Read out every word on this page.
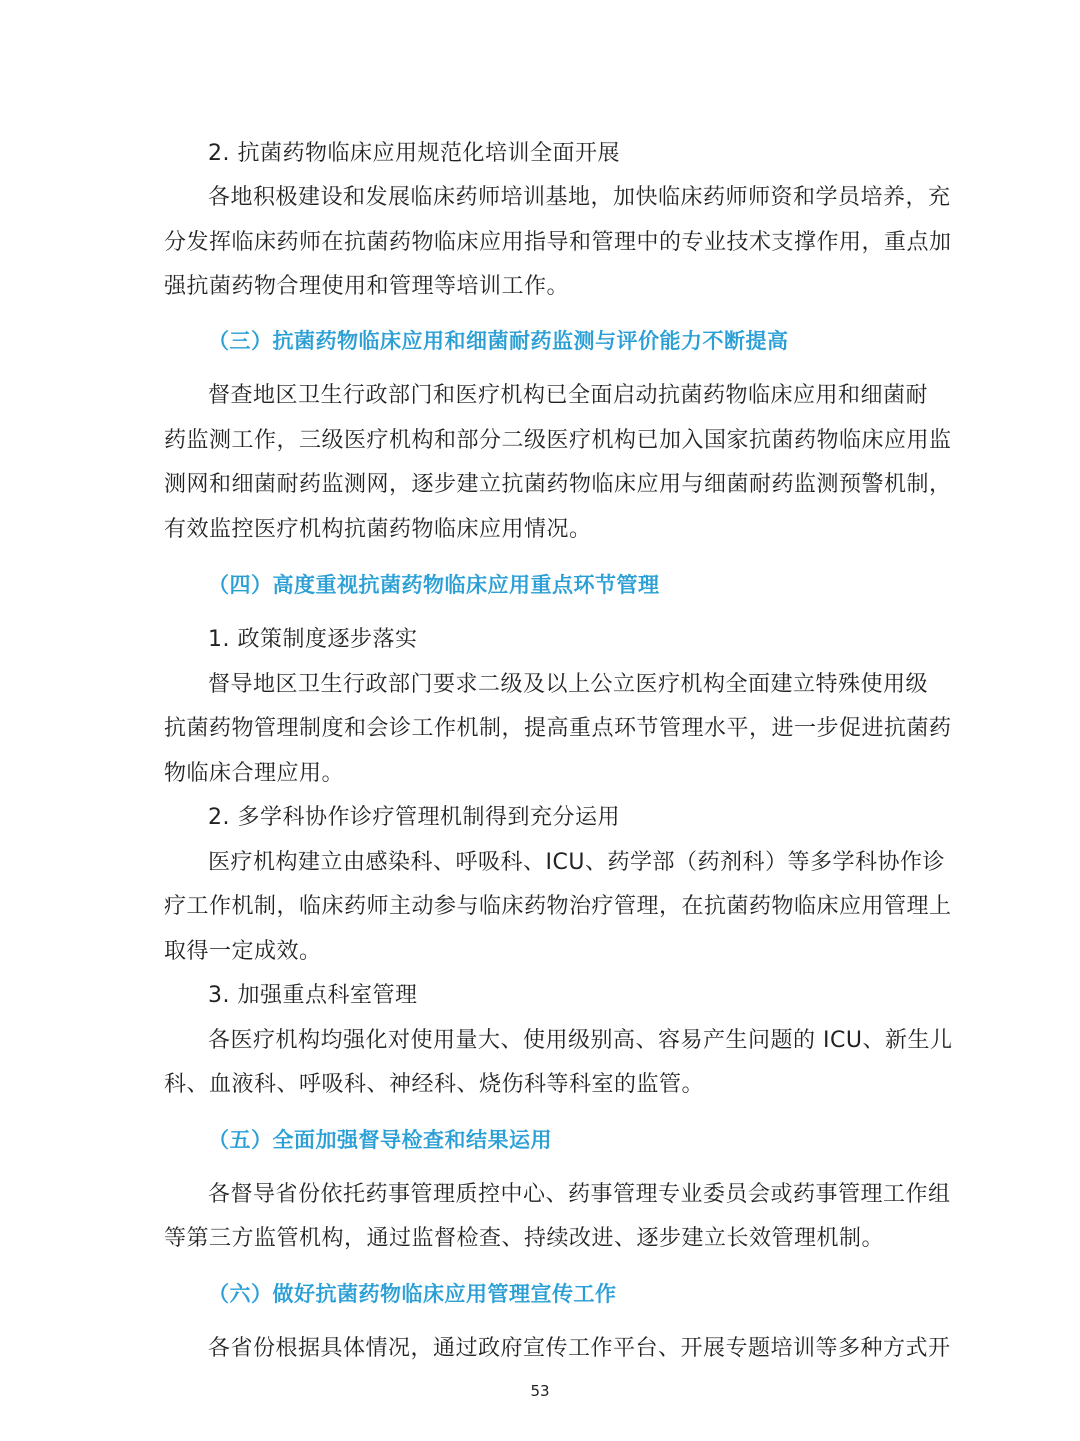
2. 抗菌药物临床应用规范化培训全面开展
各地积极建设和发展临床药师培训基地，加快临床药师师资和学员培养，充
分发挥临床药师在抗菌药物临床应用指导和管理中的专业技术支撑作用，重点加
强抗菌药物合理使用和管理等培训工作。
（三）抗菌药物临床应用和细菌耐药监测与评价能力不断提高
督查地区卫生行政部门和医疗机构已全面启动抗菌药物临床应用和细菌耐
药监测工作，三级医疗机构和部分二级医疗机构已加入国家抗菌药物临床应用监
测网和细菌耐药监测网，逐步建立抗菌药物临床应用与细菌耐药监测预警机制，
有效监控医疗机构抗菌药物临床应用情况。
（四）高度重视抗菌药物临床应用重点环节管理
1. 政策制度逐步落实
督导地区卫生行政部门要求二级及以上公立医疗机构全面建立特殊使用级
抗菌药物管理制度和会诊工作机制，提高重点环节管理水平，进一步促进抗菌药
物临床合理应用。
2. 多学科协作诊疗管理机制得到充分运用
医疗机构建立由感染科、呼吸科、ICU、药学部（药剂科）等多学科协作诊
疗工作机制，临床药师主动参与临床药物治疗管理，在抗菌药物临床应用管理上
取得一定成效。
3. 加强重点科室管理
各医疗机构均强化对使用量大、使用级别高、容易产生问题的 ICU、新生儿
科、血液科、呼吸科、神经科、烧伤科等科室的监管。
（五）全面加强督导检查和结果运用
各督导省份依托药事管理质控中心、药事管理专业委员会或药事管理工作组
等第三方监管机构，通过监督检查、持续改进、逐步建立长效管理机制。
（六）做好抗菌药物临床应用管理宣传工作
各省份根据具体情况，通过政府宣传工作平台、开展专题培训等多种方式开
53
